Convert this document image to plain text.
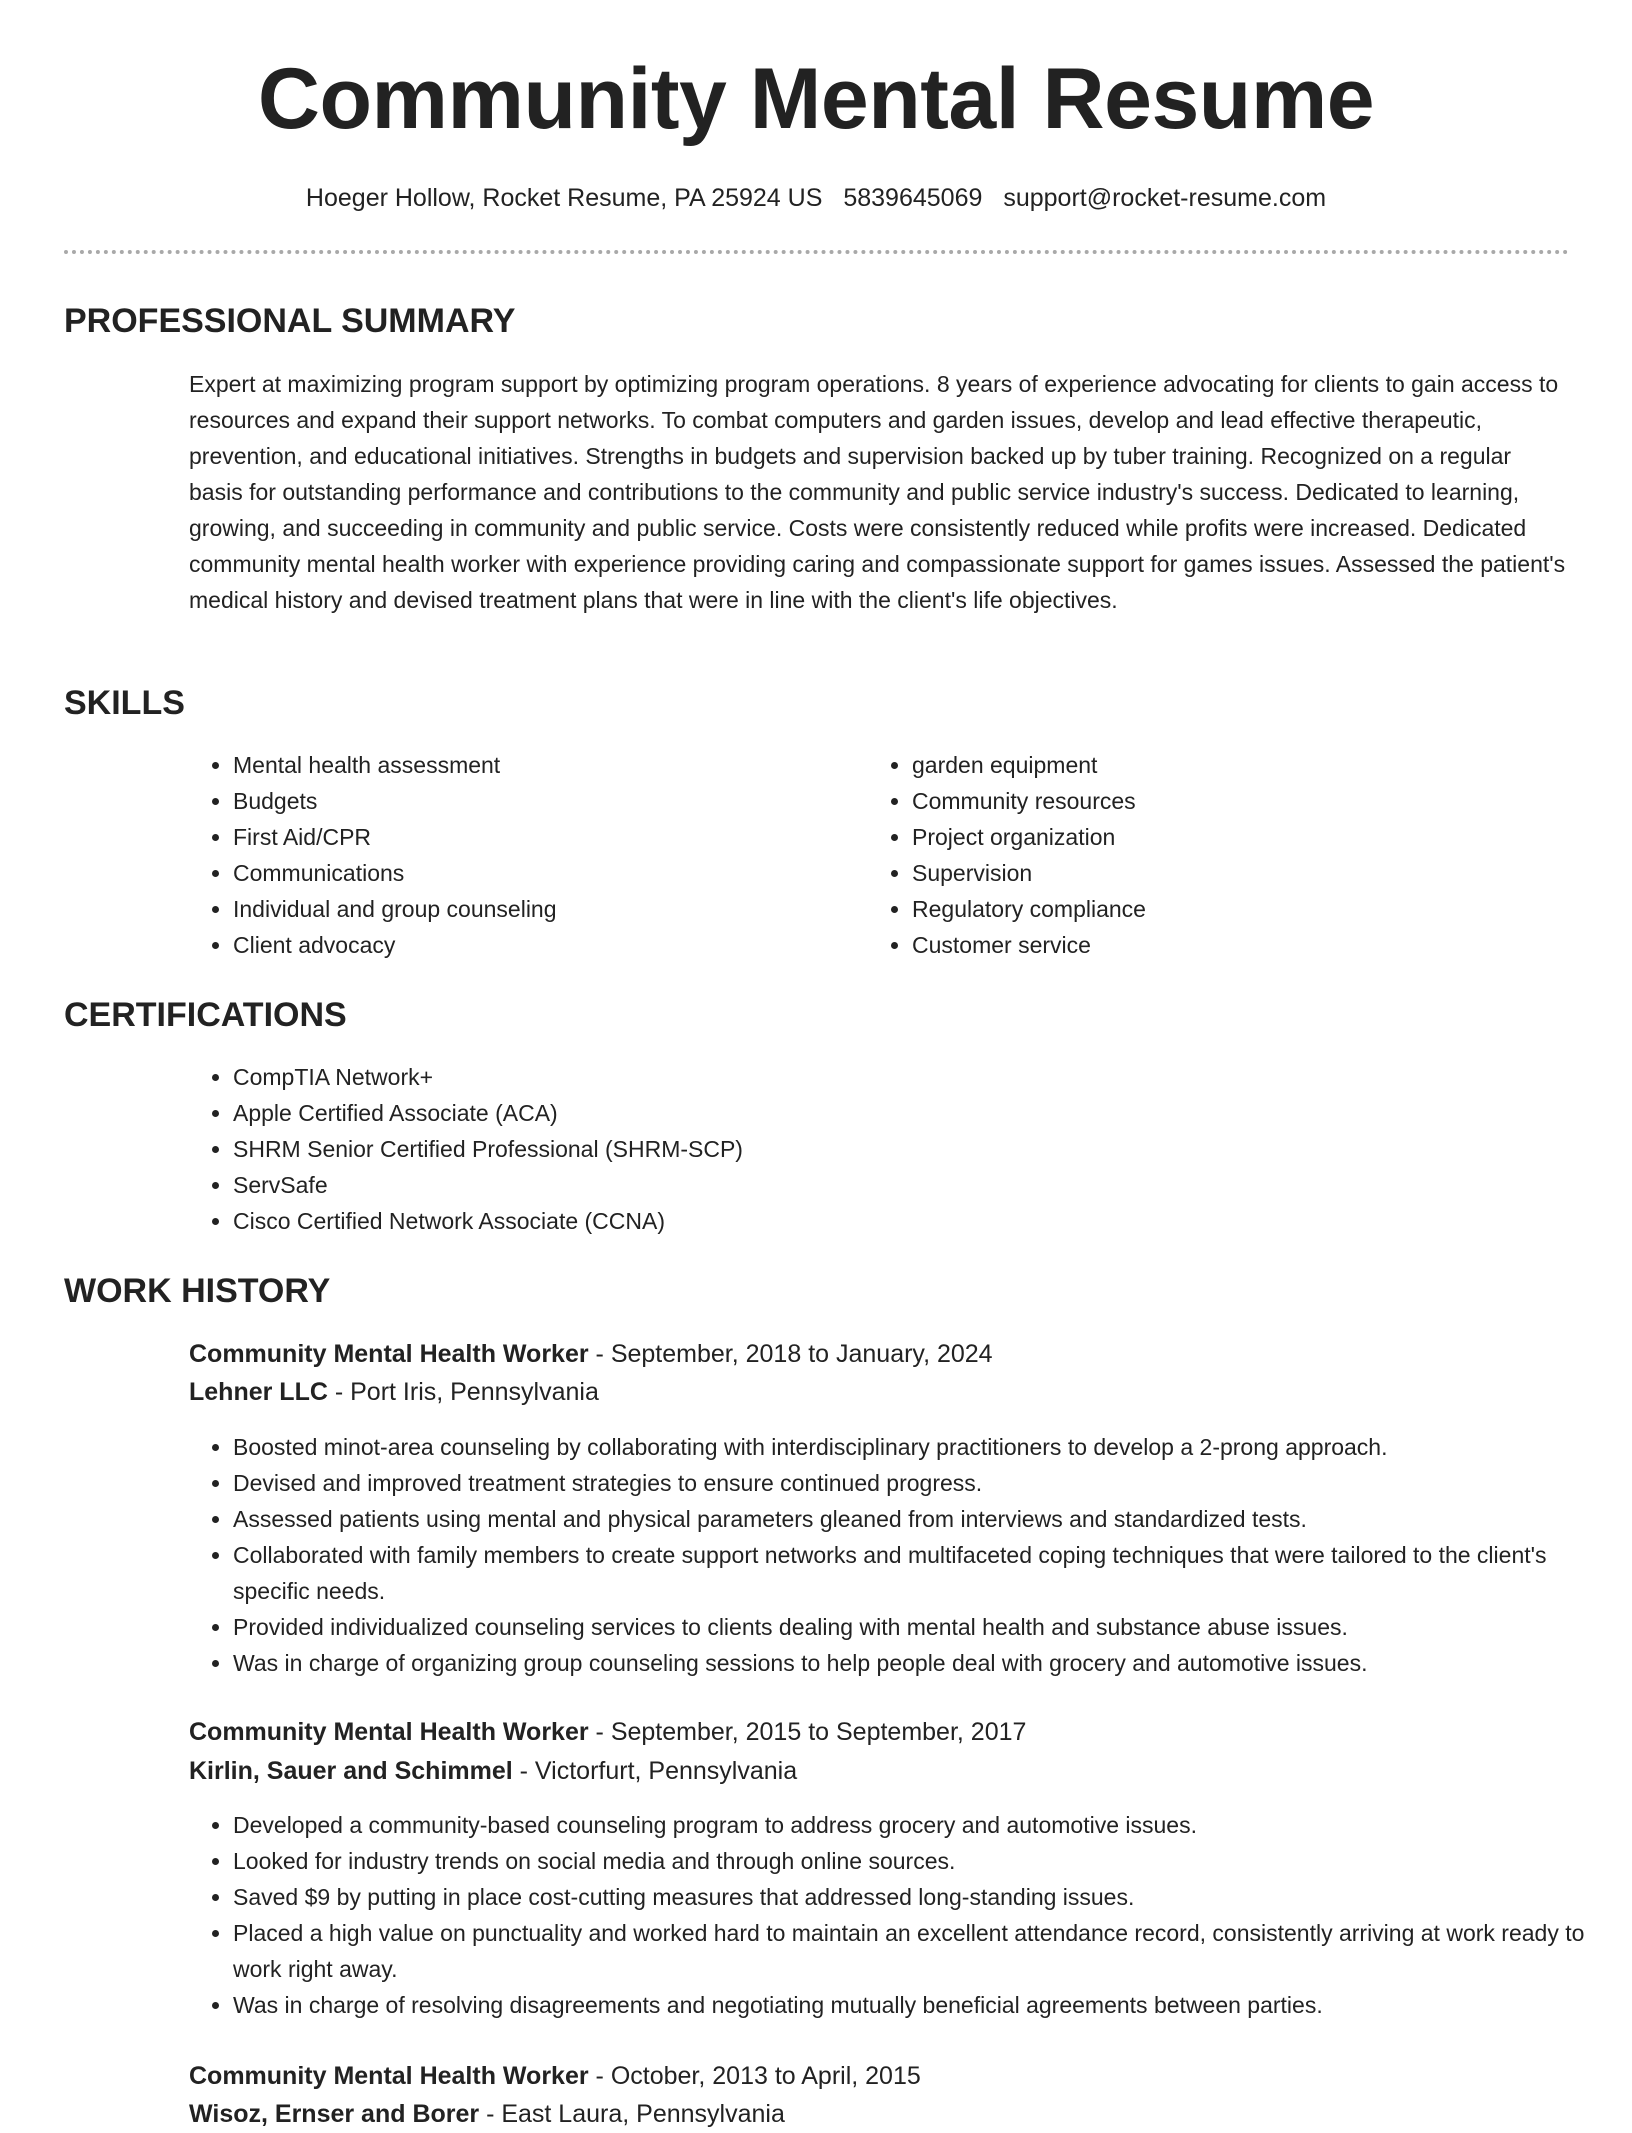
Community Mental Resume
Hoeger Hollow, Rocket Resume, PA 25924 US 5839645069 support@rocket-resume.com
PROFESSIONAL SUMMARY

Expert at maximizing program support by optimizing program operations. 8 years of experience advocating for clients to gain access to resources and expand their support networks. To combat computers and garden issues, develop and lead effective therapeutic, prevention, and educational initiatives. Strengths in budgets and supervision backed up by tuber training. Recognized on a regular basis for outstanding performance and contributions to the community and public service industry's success. Dedicated to learning, growing, and succeeding in community and public service. Costs were consistently reduced while profits were increased. Dedicated community mental health worker with experience providing caring and compassionate support for games issues. Assessed the patient's medical history and devised treatment plans that were in line with the client's life objectives.

SKILLS
• Mental health assessment
• Budgets
• First Aid/CPR
• Communications
• Individual and group counseling
• Client advocacy
• garden equipment
• Community resources
• Project organization
• Supervision
• Regulatory compliance
• Customer service
CERTIFICATIONS
• CompTIA Network+
• Apple Certified Associate (ACA)
• SHRM Senior Certified Professional (SHRM-SCP)
• ServSafe
• Cisco Certified Network Associate (CCNA)
WORK HISTORY
Community Mental Health Worker - September, 2018 to January, 2024
Lehner LLC - Port Iris, Pennsylvania
• Boosted minot-area counseling by collaborating with interdisciplinary practitioners to develop a 2-prong approach.
• Devised and improved treatment strategies to ensure continued progress.
• Assessed patients using mental and physical parameters gleaned from interviews and standardized tests.
• Collaborated with family members to create support networks and multifaceted coping techniques that were tailored to the client's specific needs.
• Provided individualized counseling services to clients dealing with mental health and substance abuse issues.
• Was in charge of organizing group counseling sessions to help people deal with grocery and automotive issues.
Community Mental Health Worker - September, 2015 to September, 2017
Kirlin, Sauer and Schimmel - Victorfurt, Pennsylvania
• Developed a community-based counseling program to address grocery and automotive issues.
• Looked for industry trends on social media and through online sources.
• Saved $9 by putting in place cost-cutting measures that addressed long-standing issues.
• Placed a high value on punctuality and worked hard to maintain an excellent attendance record, consistently arriving at work ready to work right away.
• Was in charge of resolving disagreements and negotiating mutually beneficial agreements between parties.
Community Mental Health Worker - October, 2013 to April, 2015
Wisoz, Ernser and Borer - East Laura, Pennsylvania
